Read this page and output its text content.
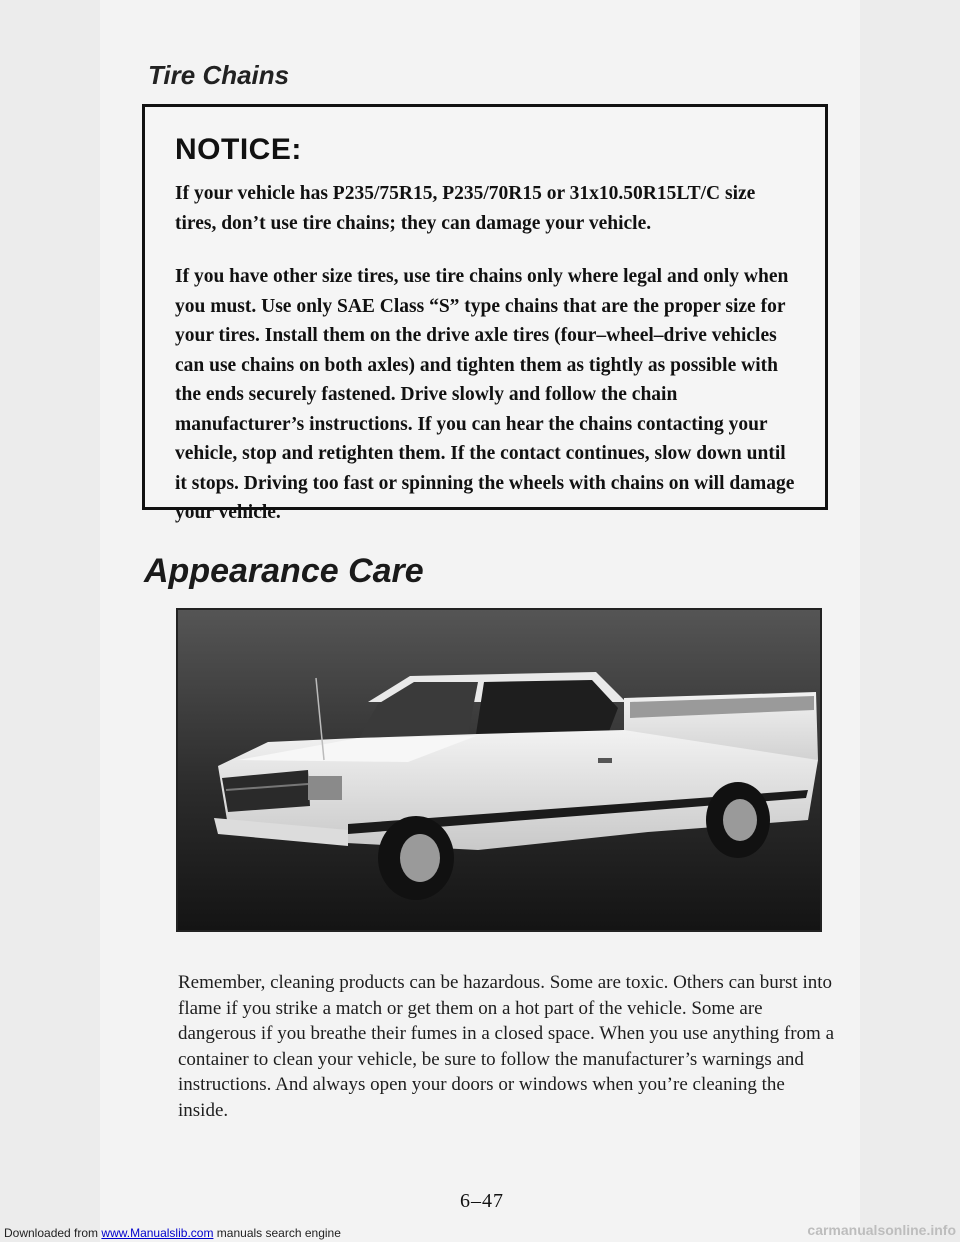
Tire Chains
NOTICE:

If your vehicle has P235/75R15, P235/70R15 or 31x10.50R15LT/C size tires, don’t use tire chains; they can damage your vehicle.

If you have other size tires, use tire chains only where legal and only when you must. Use only SAE Class “S” type chains that are the proper size for your tires. Install them on the drive axle tires (four–wheel–drive vehicles can use chains on both axles) and tighten them as tightly as possible with the ends securely fastened. Drive slowly and follow the chain manufacturer’s instructions. If you can hear the chains contacting your vehicle, stop and retighten them. If the contact continues, slow down until it stops. Driving too fast or spinning the wheels with chains on will damage your vehicle.

Appearance Care

Remember, cleaning products can be hazardous. Some are toxic. Others can burst into flame if you strike a match or get them on a hot part of the vehicle. Some are dangerous if you breathe their fumes in a closed space. When you use anything from a container to clean your vehicle, be sure to follow the manufacturer’s warnings and instructions. And always open your doors or windows when you’re cleaning the inside.

6–47

Downloaded from www.Manualslib.com manuals search engine	carmanualsonline.info
